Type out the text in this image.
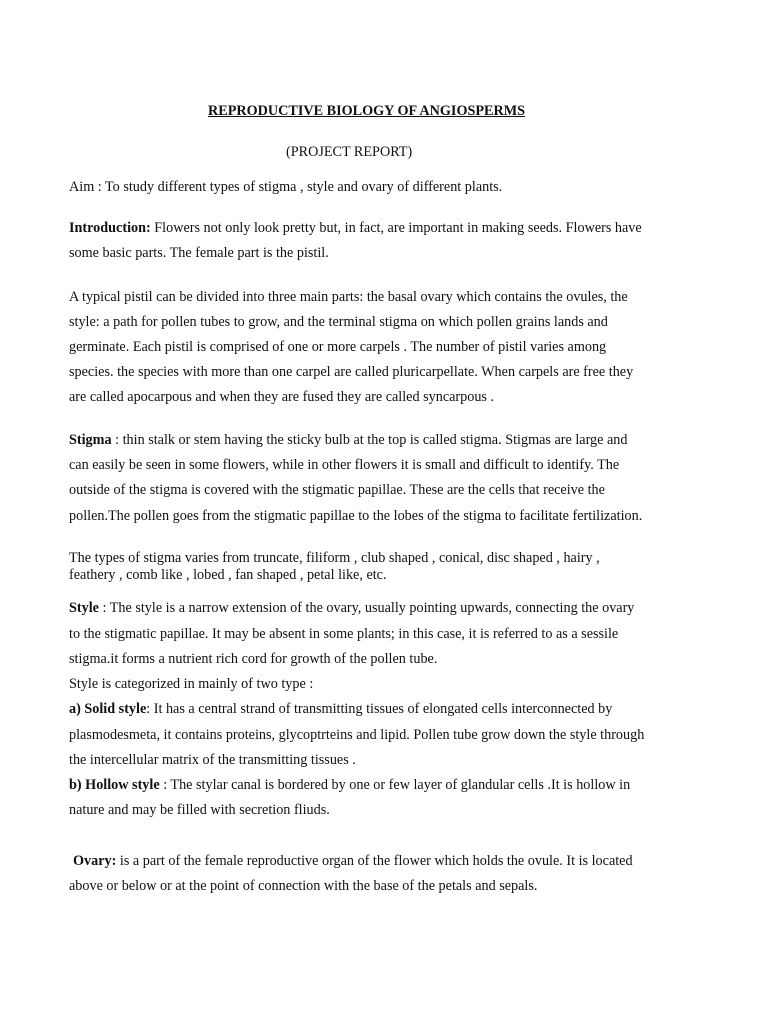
REPRODUCTIVE BIOLOGY OF ANGIOSPERMS
(PROJECT REPORT)
Aim : To study different types of stigma , style and ovary of different plants.
Introduction: Flowers not only look pretty but, in fact, are important in making seeds. Flowers have
some basic parts. The female part is the pistil.
A typical pistil can be divided into three main parts: the basal ovary which contains the ovules, the
style: a path for pollen tubes to grow, and the terminal stigma on which pollen grains lands and
germinate. Each pistil is comprised of one or more carpels . The number of pistil varies among
species. the species with more than one carpel are called pluricarpellate. When carpels are free they
are called apocarpous and when they are fused they are called syncarpous .
Stigma : thin stalk or stem having the sticky bulb at the top is called stigma. Stigmas are large and
can easily be seen in some flowers, while in other flowers it is small and difficult to identify. The
outside of the stigma is covered with the stigmatic papillae. These are the cells that receive the
pollen.The pollen goes from the stigmatic papillae to the lobes of the stigma to facilitate fertilization.
The types of stigma varies from truncate, filiform , club shaped , conical, disc shaped , hairy ,
feathery , comb like , lobed , fan shaped , petal like, etc.
Style : The style is a narrow extension of the ovary, usually pointing upwards, connecting the ovary
to the stigmatic papillae. It may be absent in some plants; in this case, it is referred to as a sessile
stigma.it forms a nutrient rich cord for growth of the pollen tube.
Style is categorized in mainly of two type :
a) Solid style: It has a central strand of transmitting tissues of elongated cells interconnected by
plasmodesmeta, it contains proteins, glycoptrteins and lipid. Pollen tube grow down the style through
the intercellular matrix of the transmitting tissues .
b) Hollow style : The stylar canal is bordered by one or few layer of glandular cells .It is hollow in
nature and may be filled with secretion fliuds.
Ovary: is a part of the female reproductive organ of the flower which holds the ovule. It is located
above or below or at the point of connection with the base of the petals and sepals.
